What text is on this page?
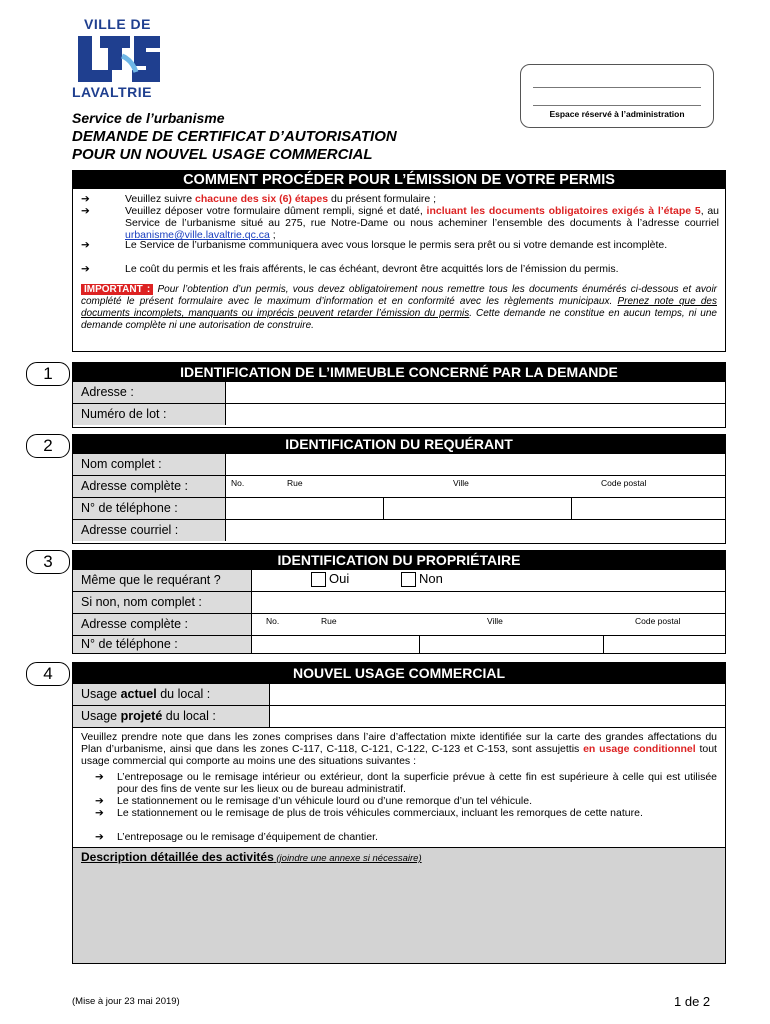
VILLE DE
LAVALTRIE
Espace réservé à l’administration
Service de l’urbanisme
DEMANDE DE CERTIFICAT D’AUTORISATION
POUR UN NOUVEL USAGE COMMERCIAL
COMMENT PROCÉDER POUR L’ÉMISSION DE VOTRE PERMIS
➔	Veuillez suivre chacune des six (6) étapes du présent formulaire ;
➔	Veuillez déposer votre formulaire dûment rempli, signé et daté, incluant les documents obligatoires exigés à l’étape 5, au Service de l’urbanisme situé au 275, rue Notre-Dame ou nous acheminer l’ensemble des documents à l’adresse courriel urbanisme@ville.lavaltrie.qc.ca ;
➔	Le Service de l’urbanisme communiquera avec vous lorsque le permis sera prêt ou si votre demande est incomplète.
➔	Le coût du permis et les frais afférents, le cas échéant, devront être acquittés lors de l’émission du permis.
IMPORTANT : Pour l’obtention d’un permis, vous devez obligatoirement nous remettre tous les documents énumérés ci-dessous et avoir complété le présent formulaire avec le maximum d’information et en conformité avec les règlements municipaux. Prenez note que des documents incomplets, manquants ou imprécis peuvent retarder l’émission du permis. Cette demande ne constitue en aucun temps, ni une demande complète ni une autorisation de construire.
1	IDENTIFICATION DE L’IMMEUBLE CONCERNÉ PAR LA DEMANDE
Adresse :
Numéro de lot :
2	IDENTIFICATION DU REQUÉRANT
Nom complet :
Adresse complète :	No.	Rue	Ville	Code postal
N° de téléphone :
Adresse courriel :
3	IDENTIFICATION DU PROPRIÉTAIRE
Même que le requérant ?	Oui	Non
Si non, nom complet :
Adresse complète :	No.	Rue	Ville	Code postal
N° de téléphone :
4	NOUVEL USAGE COMMERCIAL
Usage actuel du local :
Usage projeté du local :
Veuillez prendre note que dans les zones comprises dans l’aire d’affectation mixte identifiée sur la carte des grandes affectations du Plan d’urbanisme, ainsi que dans les zones C-117, C-118, C-121, C-122, C-123 et C-153, sont assujettis en usage conditionnel tout usage commercial qui comporte au moins une des situations suivantes :
➔ L’entreposage ou le remisage intérieur ou extérieur, dont la superficie prévue à cette fin est supérieure à celle qui est utilisée pour des fins de vente sur les lieux ou de bureau administratif.
➔ Le stationnement ou le remisage d’un véhicule lourd ou d’une remorque d’un tel véhicule.
➔ Le stationnement ou le remisage de plus de trois véhicules commerciaux, incluant les remorques de cette nature.
➔ L’entreposage ou le remisage d’équipement de chantier.
Description détaillée des activités (joindre une annexe si nécessaire)
(Mise à jour 23 mai 2019)	1 de 2
